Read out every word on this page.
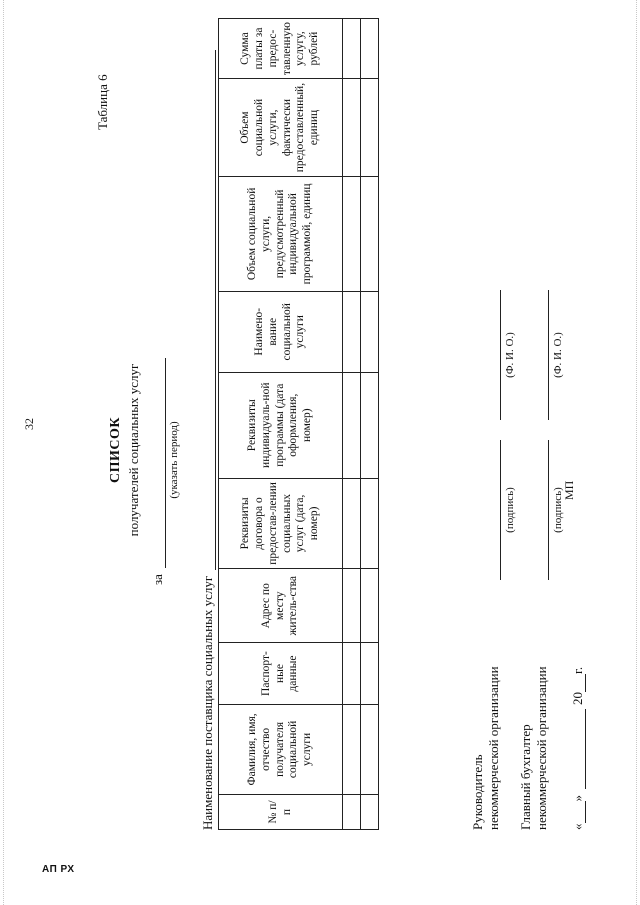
32
АП РХ
Таблица 6
СПИСОК получателей социальных услуг
за
(указать период)
Наименование поставщика социальных услуг	№ п/п	Фамилия, имя, отчество получателя социальной услуги	Паспорт-ные данные	Адрес по месту житель-ства	Реквизиты договора о предостав-лении социальных услуг (дата, номер)	Реквизиты индивидуаль-ной программы (дата оформления, номер)	Наимено-вание социальной услуги	Объем социальной услуги, предусмотренный индивидуальной программой, единиц	Объем социальной услуги, фактически предоставленный, единиц	Сумма платы за предос-тавленную услугу, рублей

Руководитель некоммерческой организации
(подпись)
(Ф. И. О.)
Главный бухгалтер некоммерческой организации
(подпись)
(Ф. И. О.)
МП
«
»
20
г.
